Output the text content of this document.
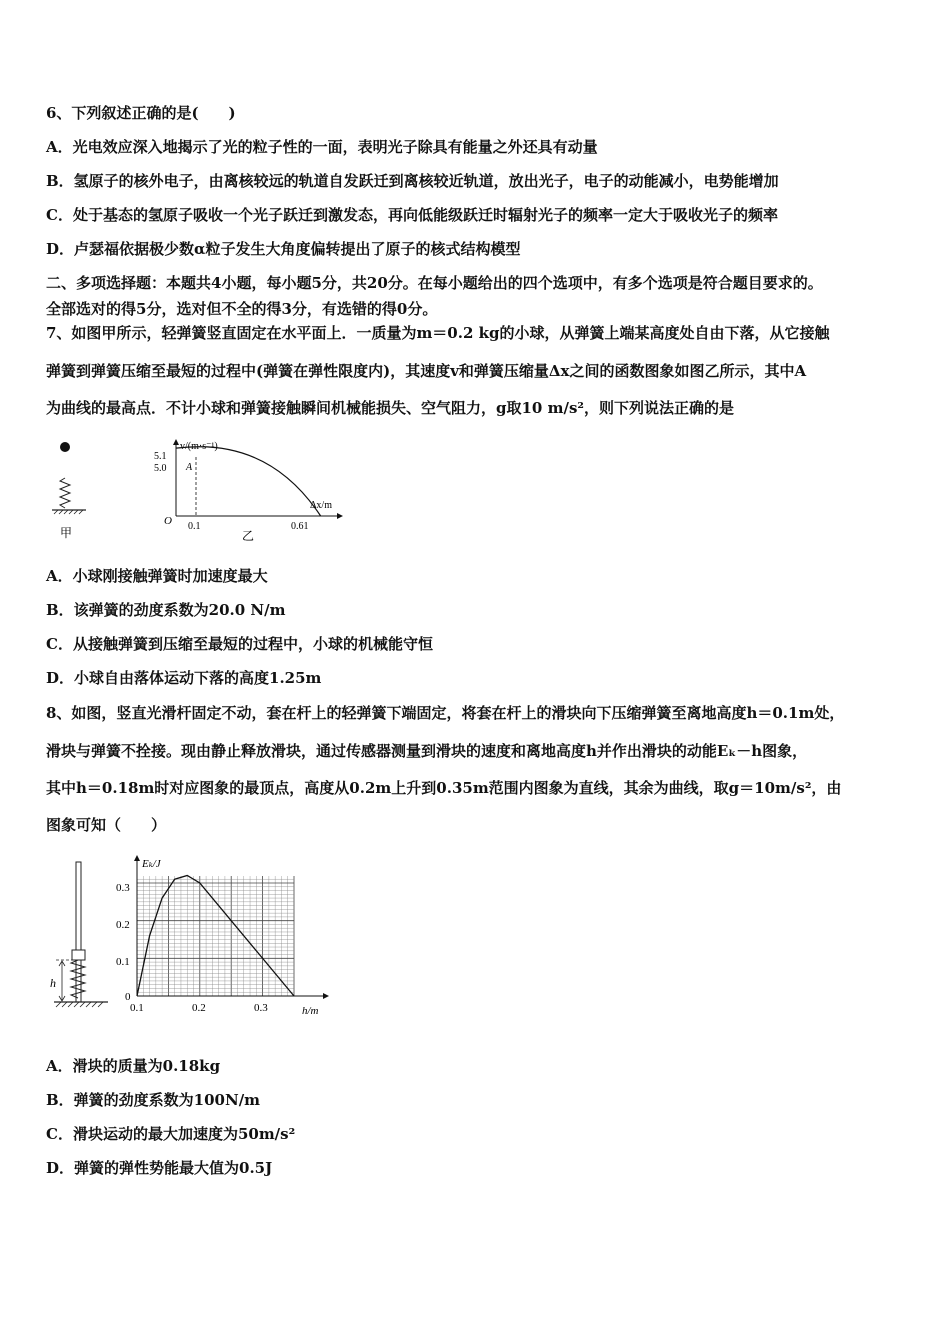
6、下列叙述正确的是(　　)
A．光电效应深入地揭示了光的粒子性的一面，表明光子除具有能量之外还具有动量
B．氢原子的核外电子，由离核较远的轨道自发跃迁到离核较近轨道，放出光子，电子的动能减小，电势能增加
C．处于基态的氢原子吸收一个光子跃迁到激发态，再向低能级跃迁时辐射光子的频率一定大于吸收光子的频率
D．卢瑟福依据极少数α粒子发生大角度偏转提出了原子的核式结构模型
二、多项选择题：本题共4小题，每小题5分，共20分。在每小题给出的四个选项中，有多个选项是符合题目要求的。
全部选对的得5分，选对但不全的得3分，有选错的得0分。
7、如图甲所示，轻弹簧竖直固定在水平面上．一质量为m＝0.2 kg的小球，从弹簧上端某高度处自由下落，从它接触
弹簧到弹簧压缩至最短的过程中(弹簧在弹性限度内)，其速度v和弹簧压缩量Δx之间的函数图象如图乙所示，其中A
为曲线的最高点．不计小球和弹簧接触瞬间机械能损失、空气阻力，g取10 m/s²，则下列说法正确的是
甲
v/(m·s⁻¹)
Δx/m
O
5.1
5.0 A
0.1	0.61
乙
A．小球刚接触弹簧时加速度最大
B．该弹簧的劲度系数为20.0 N/m
C．从接触弹簧到压缩至最短的过程中，小球的机械能守恒
D．小球自由落体运动下落的高度1.25m
8、如图，竖直光滑杆固定不动，套在杆上的轻弹簧下端固定，将套在杆上的滑块向下压缩弹簧至离地高度h＝0.1m处，
滑块与弹簧不拴接。现由静止释放滑块，通过传感器测量到滑块的速度和离地高度h并作出滑块的动能Eₖ－h图象，
其中h＝0.18m时对应图象的最顶点，高度从0.2m上升到0.35m范围内图象为直线，其余为曲线，取g＝10m/s²，由
图象可知（　　）
h
Eₖ/J
h/m
0.3
0.2
0.1
0
0.1	0.2	0.3
A．滑块的质量为0.18kg
B．弹簧的劲度系数为100N/m
C．滑块运动的最大加速度为50m/s²
D．弹簧的弹性势能最大值为0.5J
